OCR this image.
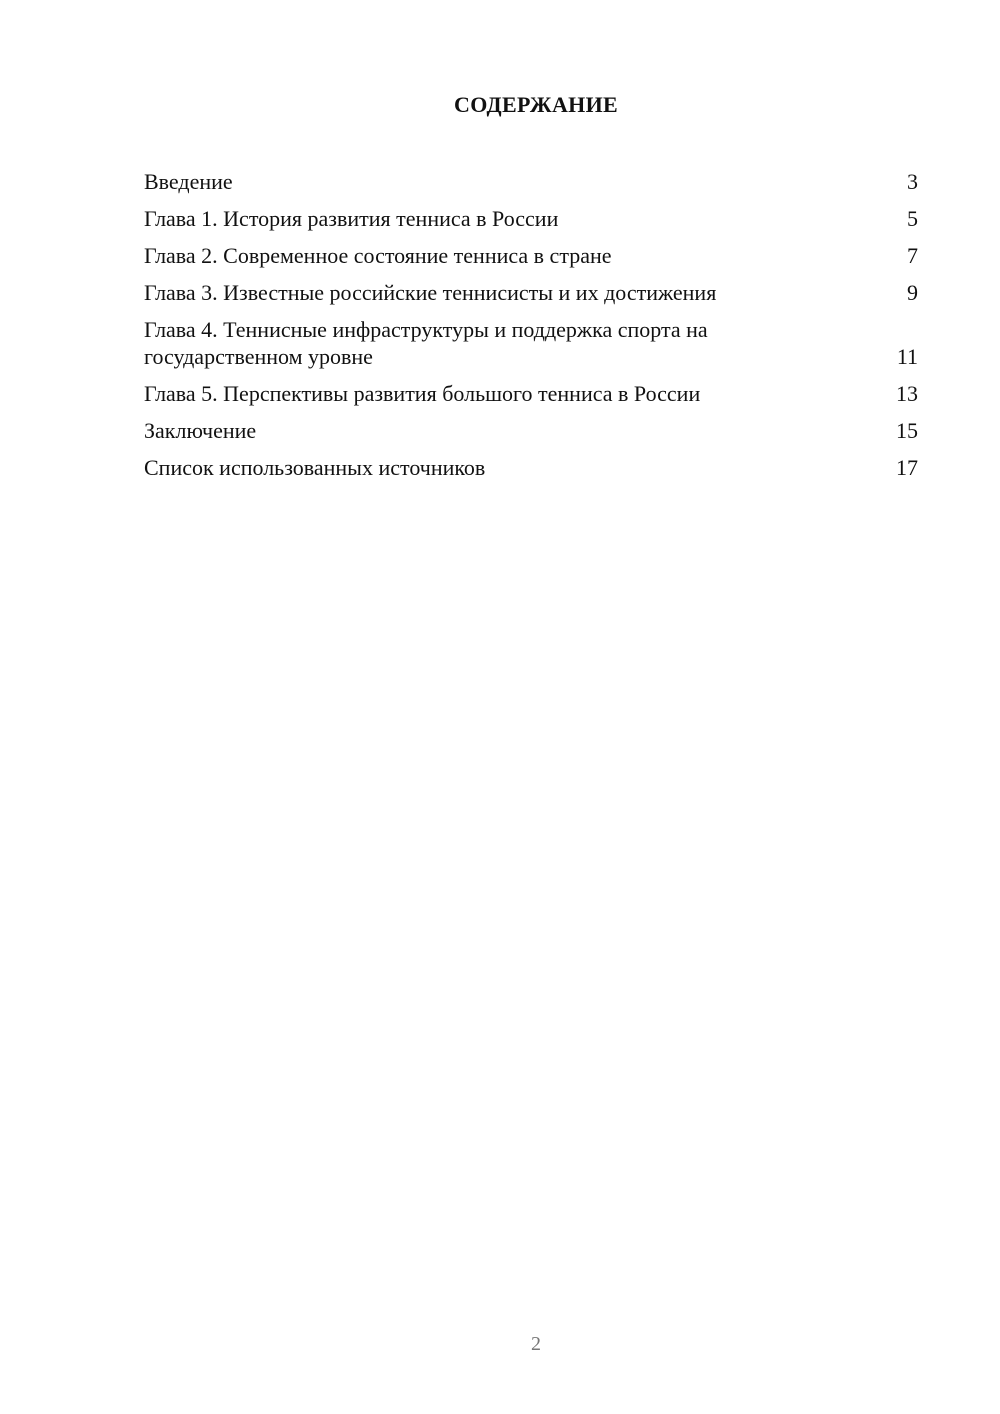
СОДЕРЖАНИЕ
Введение	3
Глава 1. История развития тенниса в России	5
Глава 2. Современное состояние тенниса в стране	7
Глава 3. Известные российские теннисисты и их достижения	9
Глава 4. Теннисные инфраструктуры и поддержка спорта на государственном уровне	11
Глава 5. Перспективы развития большого тенниса в России	13
Заключение	15
Список использованных источников	17
2
